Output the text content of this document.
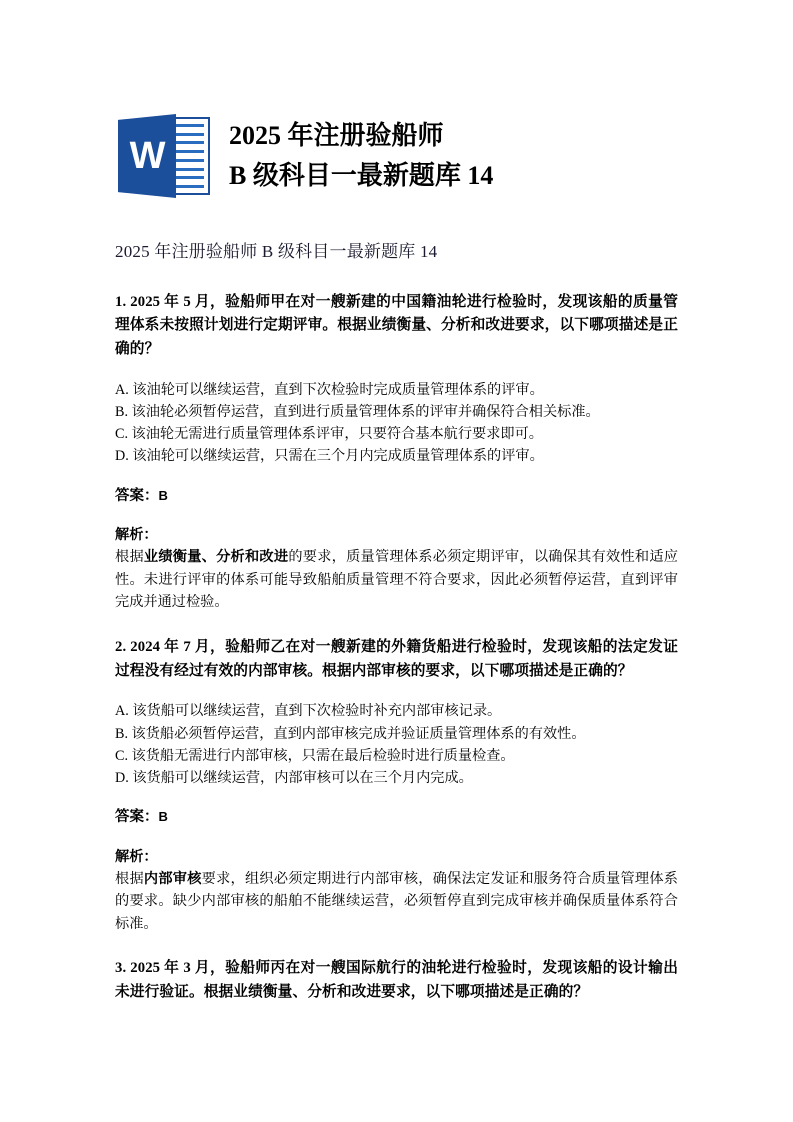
W	2025 年注册验船师
B 级科目一最新题库 14
2025 年注册验船师 B 级科目一最新题库 14

1. 2025 年 5 月，验船师甲在对一艘新建的中国籍油轮进行检验时，发现该船的质量管理体系未按照计划进行定期评审。根据业绩衡量、分析和改进要求，以下哪项描述是正确的？

A. 该油轮可以继续运营，直到下次检验时完成质量管理体系的评审。
B. 该油轮必须暂停运营，直到进行质量管理体系的评审并确保符合相关标准。
C. 该油轮无需进行质量管理体系评审，只要符合基本航行要求即可。
D. 该油轮可以继续运营，只需在三个月内完成质量管理体系的评审。

答案：B

解析：
根据业绩衡量、分析和改进的要求，质量管理体系必须定期评审，以确保其有效性和适应性。未进行评审的体系可能导致船舶质量管理不符合要求，因此必须暂停运营，直到评审完成并通过检验。

2. 2024 年 7 月，验船师乙在对一艘新建的外籍货船进行检验时，发现该船的法定发证过程没有经过有效的内部审核。根据内部审核的要求，以下哪项描述是正确的？

A. 该货船可以继续运营，直到下次检验时补充内部审核记录。
B. 该货船必须暂停运营，直到内部审核完成并验证质量管理体系的有效性。
C. 该货船无需进行内部审核，只需在最后检验时进行质量检查。
D. 该货船可以继续运营，内部审核可以在三个月内完成。

答案：B

解析：
根据内部审核要求，组织必须定期进行内部审核，确保法定发证和服务符合质量管理体系的要求。缺少内部审核的船舶不能继续运营，必须暂停直到完成审核并确保质量体系符合标准。

3. 2025 年 3 月，验船师丙在对一艘国际航行的油轮进行检验时，发现该船的设计输出未进行验证。根据业绩衡量、分析和改进要求，以下哪项描述是正确的？
